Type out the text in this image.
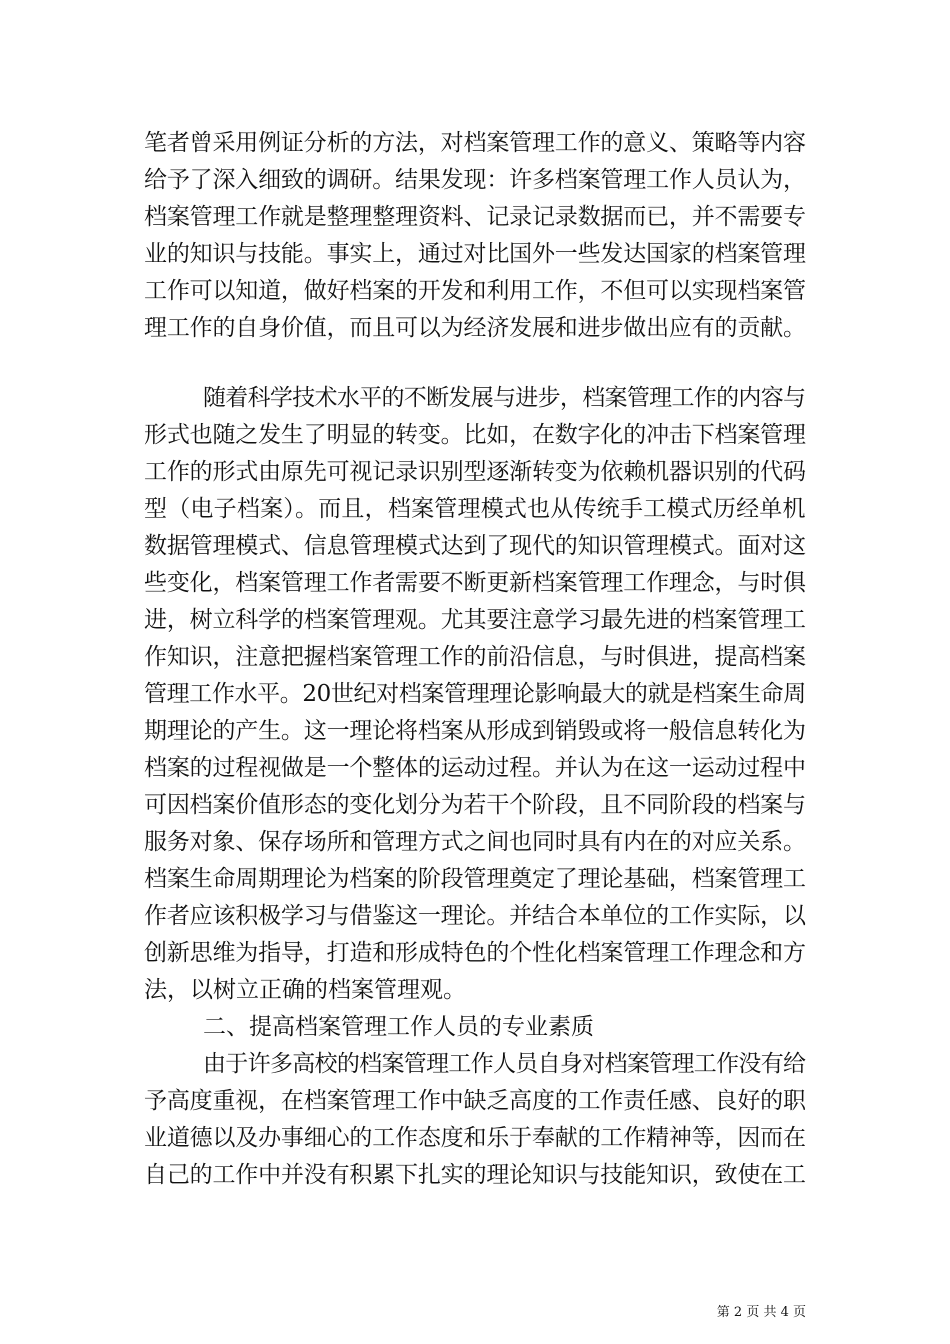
笔者曾采用例证分析的方法，对档案管理工作的意义、策略等内容
给予了深入细致的调研。结果发现：许多档案管理工作人员认为，
档案管理工作就是整理整理资料、记录记录数据而已，并不需要专
业的知识与技能。事实上，通过对比国外一些发达国家的档案管理
工作可以知道，做好档案的开发和利用工作，不但可以实现档案管
理工作的自身价值，而且可以为经济发展和进步做出应有的贡献。
随着科学技术水平的不断发展与进步，档案管理工作的内容与
形式也随之发生了明显的转变。比如，在数字化的冲击下档案管理
工作的形式由原先可视记录识别型逐渐转变为依赖机器识别的代码
型（电子档案）。而且，档案管理模式也从传统手工模式历经单机
数据管理模式、信息管理模式达到了现代的知识管理模式。面对这
些变化，档案管理工作者需要不断更新档案管理工作理念，与时俱
进，树立科学的档案管理观。尤其要注意学习最先进的档案管理工
作知识，注意把握档案管理工作的前沿信息，与时俱进，提高档案
管理工作水平。20世纪对档案管理理论影响最大的就是档案生命周
期理论的产生。这一理论将档案从形成到销毁或将一般信息转化为
档案的过程视做是一个整体的运动过程。并认为在这一运动过程中
可因档案价值形态的变化划分为若干个阶段，且不同阶段的档案与
服务对象、保存场所和管理方式之间也同时具有内在的对应关系。
档案生命周期理论为档案的阶段管理奠定了理论基础，档案管理工
作者应该积极学习与借鉴这一理论。并结合本单位的工作实际，以
创新思维为指导，打造和形成特色的个性化档案管理工作理念和方
法，以树立正确的档案管理观。
二、提高档案管理工作人员的专业素质
由于许多高校的档案管理工作人员自身对档案管理工作没有给
予高度重视，在档案管理工作中缺乏高度的工作责任感、良好的职
业道德以及办事细心的工作态度和乐于奉献的工作精神等，因而在
自己的工作中并没有积累下扎实的理论知识与技能知识，致使在工
第 2 页 共 4 页
